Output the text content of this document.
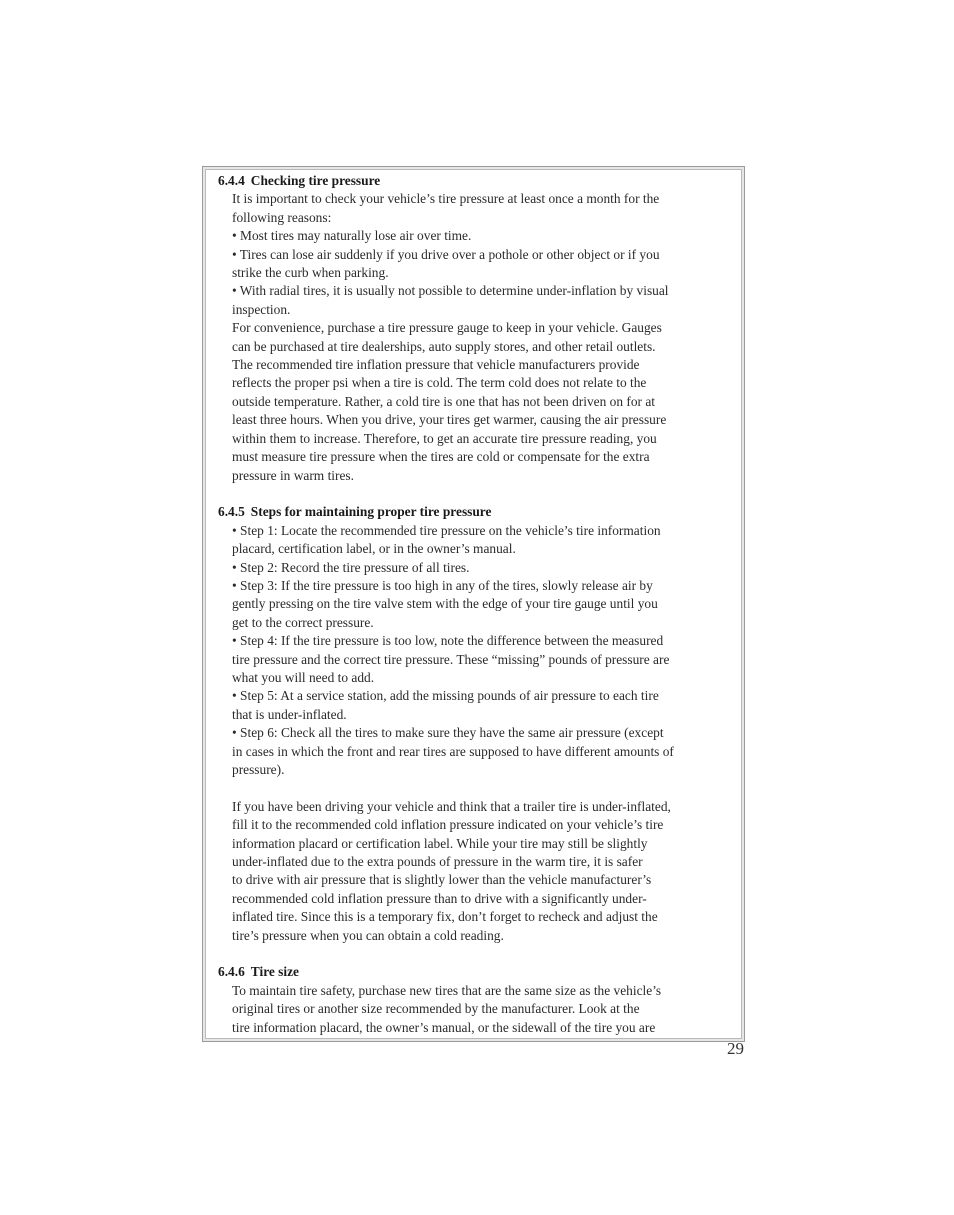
6.4.4 Checking tire pressure

It is important to check your vehicle’s tire pressure at least once a month for the

following reasons:

• Most tires may naturally lose air over time.

• Tires can lose air suddenly if you drive over a pothole or other object or if you

strike the curb when parking.

• With radial tires, it is usually not possible to determine under-inflation by visual

inspection.

For convenience, purchase a tire pressure gauge to keep in your vehicle. Gauges

can be purchased at tire dealerships, auto supply stores, and other retail outlets.

The recommended tire inflation pressure that vehicle manufacturers provide

reflects the proper psi when a tire is cold. The term cold does not relate to the

outside temperature. Rather, a cold tire is one that has not been driven on for at

least three hours. When you drive, your tires get warmer, causing the air pressure

within them to increase. Therefore, to get an accurate tire pressure reading, you

must measure tire pressure when the tires are cold or compensate for the extra

pressure in warm tires.

6.4.5 Steps for maintaining proper tire pressure

• Step 1: Locate the recommended tire pressure on the vehicle’s tire information

placard, certification label, or in the owner’s manual.

• Step 2: Record the tire pressure of all tires.

• Step 3: If the tire pressure is too high in any of the tires, slowly release air by

gently pressing on the tire valve stem with the edge of your tire gauge until you

get to the correct pressure.

• Step 4: If the tire pressure is too low, note the difference between the measured

tire pressure and the correct tire pressure. These “missing” pounds of pressure are

what you will need to add.

• Step 5: At a service station, add the missing pounds of air pressure to each tire

that is under-inflated.

• Step 6: Check all the tires to make sure they have the same air pressure (except

in cases in which the front and rear tires are supposed to have different amounts of

pressure).

If you have been driving your vehicle and think that a trailer tire is under-inflated,

fill it to the recommended cold inflation pressure indicated on your vehicle’s tire

information placard or certification label. While your tire may still be slightly

under-inflated due to the extra pounds of pressure in the warm tire, it is safer

to drive with air pressure that is slightly lower than the vehicle manufacturer’s

recommended cold inflation pressure than to drive with a significantly under-

inflated tire. Since this is a temporary fix, don’t forget to recheck and adjust the

tire’s pressure when you can obtain a cold reading.

6.4.6 Tire size

To maintain tire safety, purchase new tires that are the same size as the vehicle’s

original tires or another size recommended by the manufacturer. Look at the

tire information placard, the owner’s manual, or the sidewall of the tire you are

29
